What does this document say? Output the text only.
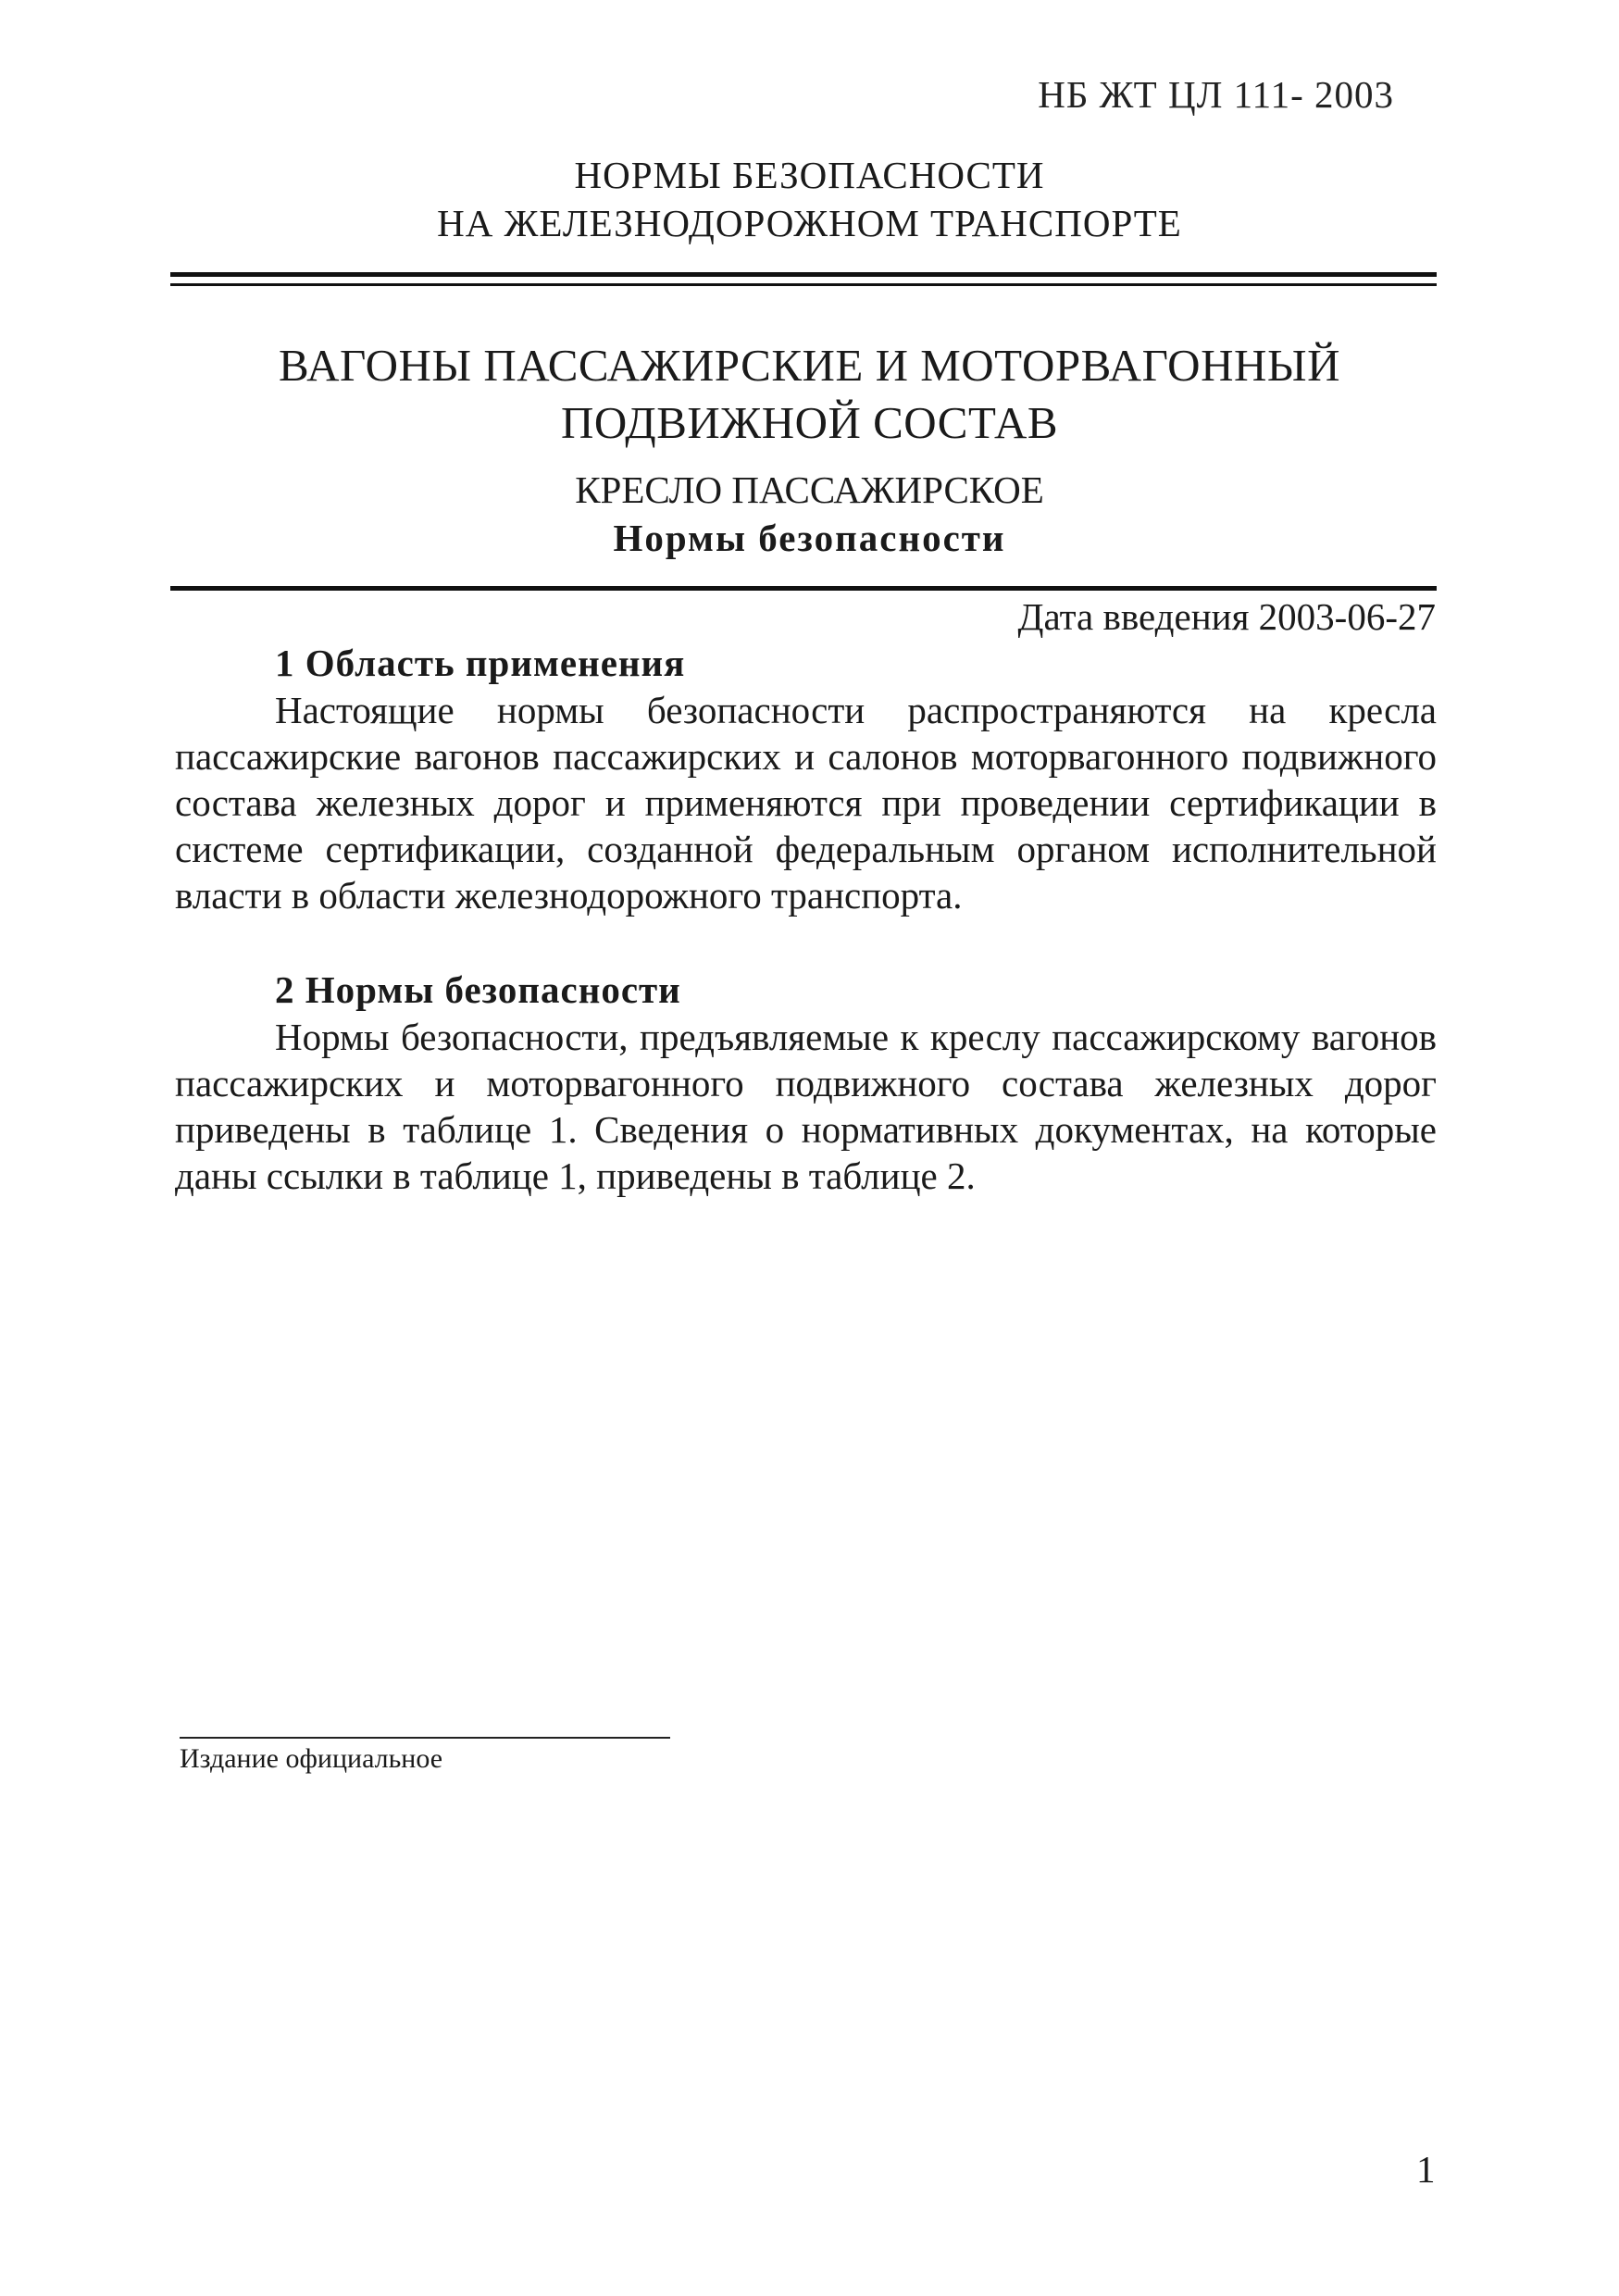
НБ ЖТ ЦЛ 111- 2003
НОРМЫ БЕЗОПАСНОСТИ
НА ЖЕЛЕЗНОДОРОЖНОМ ТРАНСПОРТЕ
ВАГОНЫ ПАССАЖИРСКИЕ И МОТОРВАГОННЫЙ
ПОДВИЖНОЙ СОСТАВ
КРЕСЛО ПАССАЖИРСКОЕ
Нормы безопасности
Дата введения 2003-06-27
1 Область применения
Настоящие нормы безопасности распространяются на кресла пассажирские вагонов пассажирских и салонов моторвагонного подвижного состава железных дорог и применяются при проведении сертификации в системе сертификации, созданной федеральным органом исполнительной власти в области железнодорожного транспорта.
2 Нормы безопасности
Нормы безопасности, предъявляемые к креслу пассажирскому вагонов пассажирских и моторвагонного подвижного состава железных дорог приведены в таблице 1. Сведения о нормативных документах, на которые даны ссылки в таблице 1, приведены в таблице 2.
Издание официальное
1
